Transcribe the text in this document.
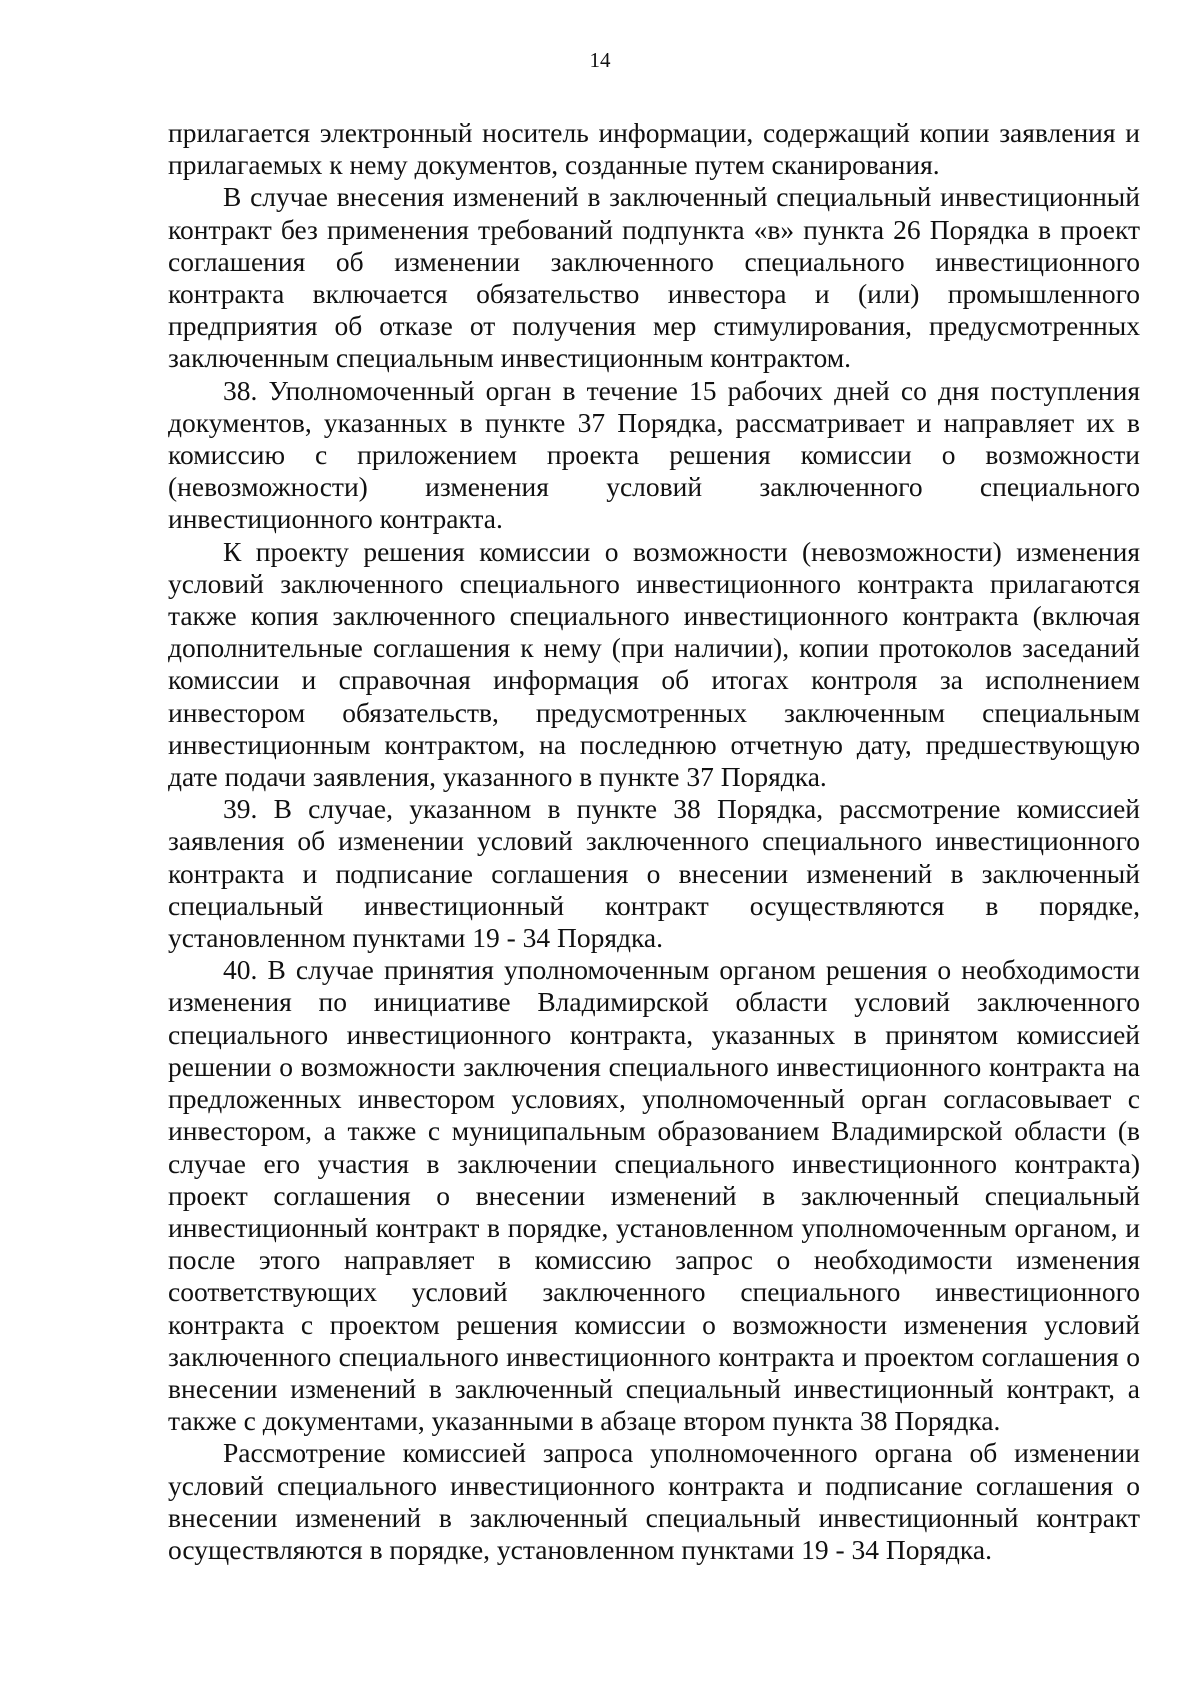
14

прилагается электронный носитель информации, содержащий копии заявления и прилагаемых к нему документов, созданные путем сканирования.

В случае внесения изменений в заключенный специальный инвестиционный контракт без применения требований подпункта «в» пункта 26 Порядка в проект соглашения об изменении заключенного специального инвестиционного контракта включается обязательство инвестора и (или) промышленного предприятия об отказе от получения мер стимулирования, предусмотренных заключенным специальным инвестиционным контрактом.

38. Уполномоченный орган в течение 15 рабочих дней со дня поступления документов, указанных в пункте 37 Порядка, рассматривает и направляет их в комиссию с приложением проекта решения комиссии о возможности (невозможности) изменения условий заключенного специального инвестиционного контракта.

К проекту решения комиссии о возможности (невозможности) изменения условий заключенного специального инвестиционного контракта прилагаются также копия заключенного специального инвестиционного контракта (включая дополнительные соглашения к нему (при наличии), копии протоколов заседаний комиссии и справочная информация об итогах контроля за исполнением инвестором обязательств, предусмотренных заключенным специальным инвестиционным контрактом, на последнюю отчетную дату, предшествующую дате подачи заявления, указанного в пункте 37 Порядка.

39. В случае, указанном в пункте 38 Порядка, рассмотрение комиссией заявления об изменении условий заключенного специального инвестиционного контракта и подписание соглашения о внесении изменений в заключенный специальный инвестиционный контракт осуществляются в порядке, установленном пунктами 19 - 34 Порядка.

40. В случае принятия уполномоченным органом решения о необходимости изменения по инициативе Владимирской области условий заключенного специального инвестиционного контракта, указанных в принятом комиссией решении о возможности заключения специального инвестиционного контракта на предложенных инвестором условиях, уполномоченный орган согласовывает с инвестором, а также с муниципальным образованием Владимирской области (в случае его участия в заключении специального инвестиционного контракта) проект соглашения о внесении изменений в заключенный специальный инвестиционный контракт в порядке, установленном уполномоченным органом, и после этого направляет в комиссию запрос о необходимости изменения соответствующих условий заключенного специального инвестиционного контракта с проектом решения комиссии о возможности изменения условий заключенного специального инвестиционного контракта и проектом соглашения о внесении изменений в заключенный специальный инвестиционный контракт, а также с документами, указанными в абзаце втором пункта 38 Порядка.

Рассмотрение комиссией запроса уполномоченного органа об изменении условий специального инвестиционного контракта и подписание соглашения о внесении изменений в заключенный специальный инвестиционный контракт осуществляются в порядке, установленном пунктами 19 - 34 Порядка.
